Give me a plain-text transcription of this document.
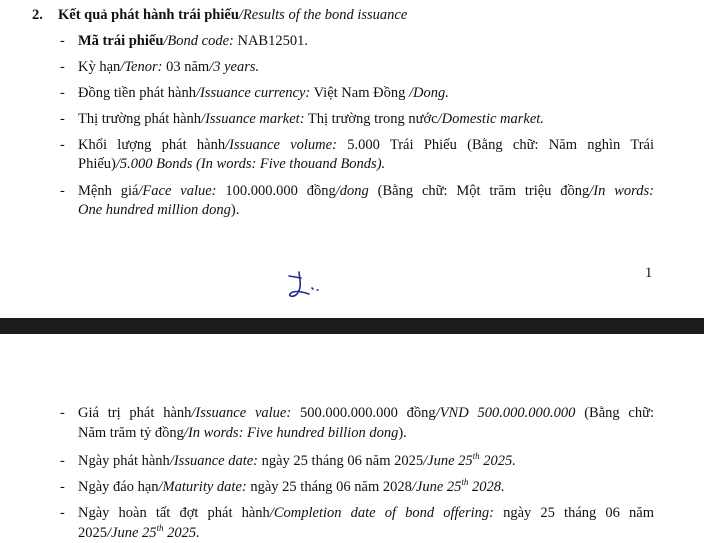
2. Kết quả phát hành trái phiếu/Results of the bond issuance
- Mã trái phiếu/Bond code: NAB12501.
- Kỳ hạn/Tenor: 03 năm/3 years.
- Đồng tiền phát hành/Issuance currency: Việt Nam Đồng /Dong.
- Thị trường phát hành/Issuance market: Thị trường trong nước/Domestic market.
- Khối lượng phát hành/Issuance volume: 5.000 Trái Phiếu (Bằng chữ: Năm nghìn Trái
Phiếu)/5.000 Bonds (In words: Five thouand Bonds).
- Mệnh giá/Face value: 100.000.000 đồng/dong (Bằng chữ: Một trăm triệu đồng/In words:
One hundred million dong).
1
- Giá trị phát hành/Issuance value: 500.000.000.000 đồng/VND 500.000.000.000 (Bằng chữ:
Năm trăm tỷ đồng/In words: Five hundred billion dong).
- Ngày phát hành/Issuance date: ngày 25 tháng 06 năm 2025/June 25th 2025.
- Ngày đáo hạn/Maturity date: ngày 25 tháng 06 năm 2028/June 25th 2028.
- Ngày hoàn tất đợt phát hành/Completion date of bond offering: ngày 25 tháng 06 năm
2025/June 25th 2025.
